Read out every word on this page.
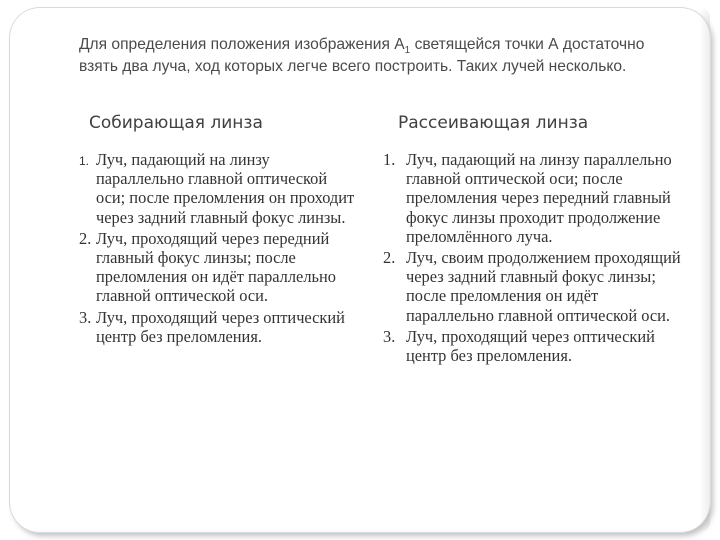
Для определения положения изображения $А_1$ светящейся точки А достаточно взять два луча, ход которых легче всего построить. Таких лучей несколько.

Собирающая линза	Рассеивающая линза
1. Луч, падающий на линзу параллельно главной оптической оси; после преломления он проходит через задний главный фокус линзы.
2. Луч, проходящий через передний главный фокус линзы; после преломления он идёт параллельно главной оптической оси.
3. Луч, проходящий через оптический центр без преломления.
1. Луч, падающий на линзу параллельно главной оптической оси; после преломления через передний главный фокус линзы проходит продолжение преломлённого луча.
2. Луч, своим продолжением проходящий через задний главный фокус линзы; после преломления он идёт параллельно главной оптической оси.
3. Луч, проходящий через оптический центр без преломления.
